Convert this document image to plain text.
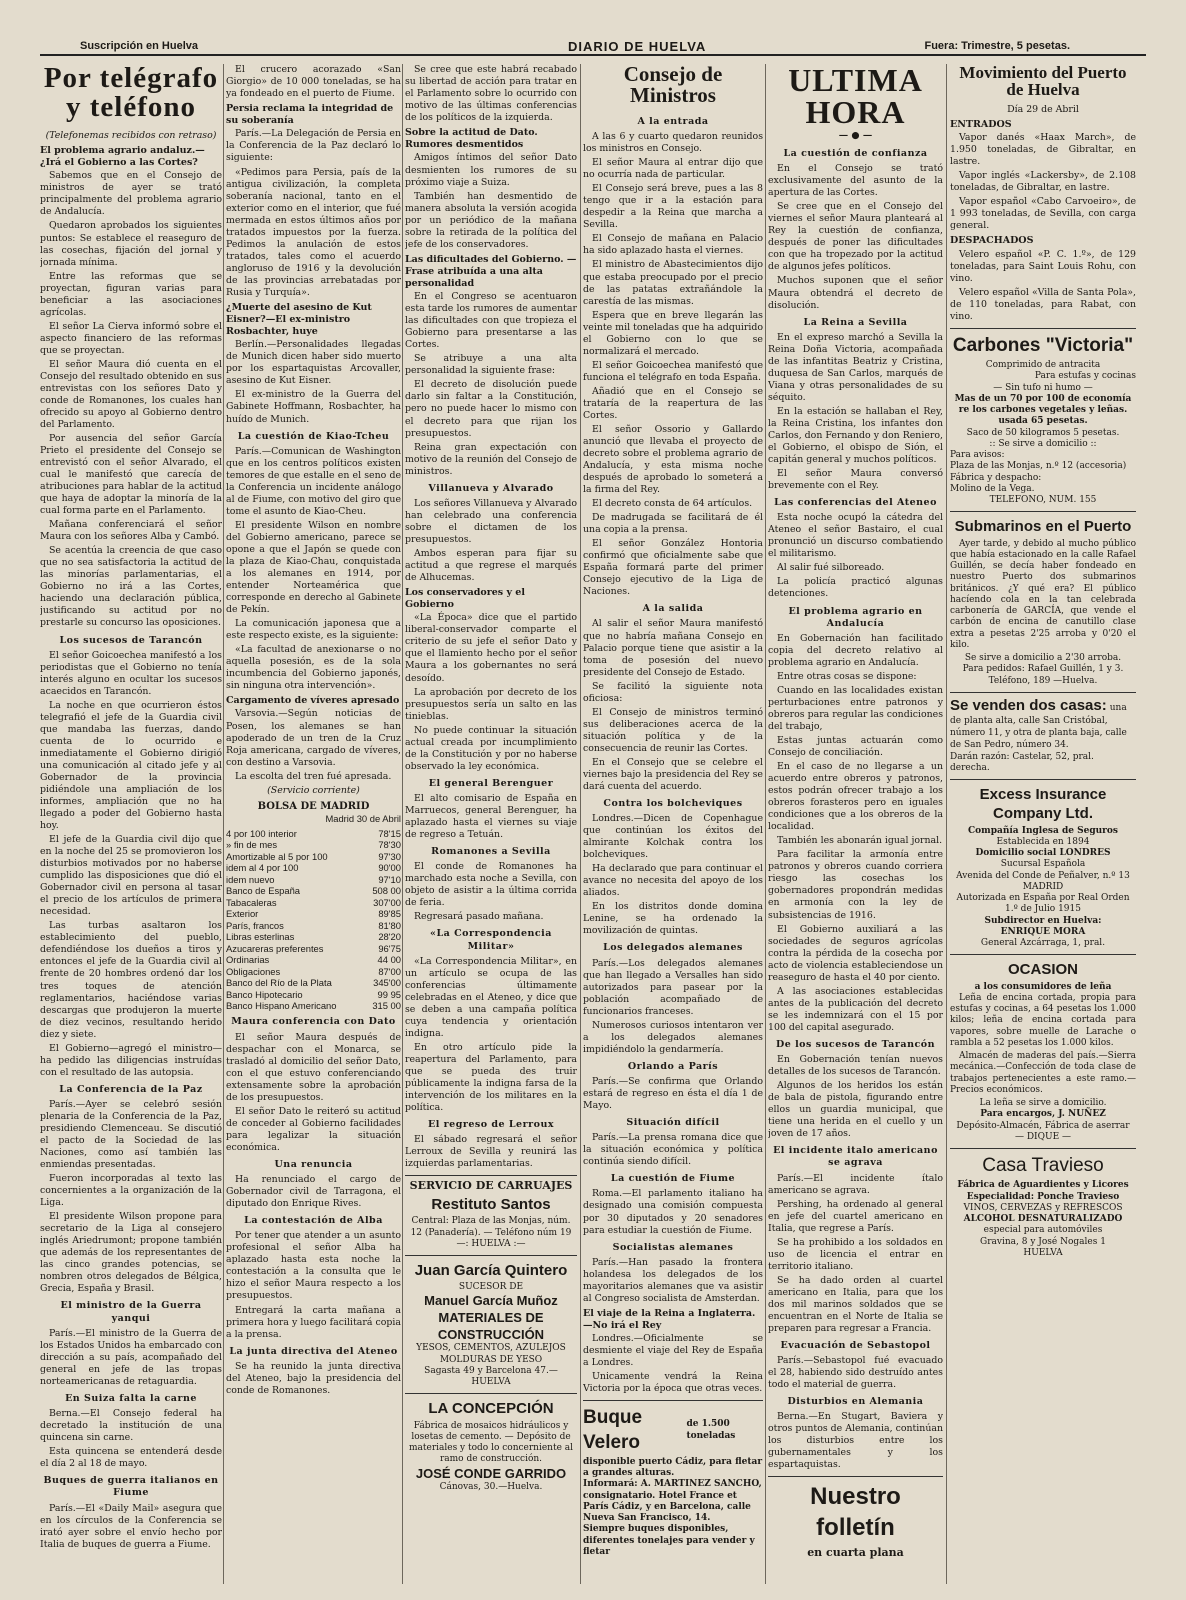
Suscripción en Huelva	DIARIO DE HUELVA	Fuera: Trimestre, 5 pesetas.
Por telégrafo y teléfono

(Telefonemas recibidos con retraso)

El problema agrario andaluz.— ¿Irá el Gobierno a las Cortes?

Sabemos que en el Consejo de ministros de ayer se trató principalmente del problema agrario de Andalucía.

Quedaron aprobados los siguientes puntos: Se establece el reaseguro de las cosechas, fijación del jornal y jornada mínima.

Entre las reformas que se proyectan, figuran varias para beneficiar a las asociaciones agrícolas.

El señor La Cierva informó sobre el aspecto financiero de las reformas que se proyectan.

El señor Maura dió cuenta en el Consejo del resultado obtenido en sus entrevistas con los señores Dato y conde de Romanones, los cuales han ofrecido su apoyo al Gobierno dentro del Parlamento.

Por ausencia del señor García Prieto el presidente del Consejo se entrevistó con el señor Alvarado, el cual le manifestó que carecía de atribuciones para hablar de la actitud que haya de adoptar la minoría de la cual forma parte en el Parlamento.

Mañana conferenciará el señor Maura con los señores Alba y Cambó.

Se acentúa la creencia de que caso que no sea satisfactoria la actitud de las minorías parlamentarias, el Gobierno no irá a las Cortes, haciendo una declaración pública, justificando su actitud por no prestarle su concurso las oposiciones.

Los sucesos de Tarancón

El señor Goicoechea manifestó a los periodistas que el Gobierno no tenía interés alguno en ocultar los sucesos acaecidos en Tarancón.

La noche en que ocurrieron éstos telegrafió el jefe de la Guardia civil que mandaba las fuerzas, dando cuenta de lo ocurrido e inmediatamente el Gobierno dirigió una comunicación al citado jefe y al Gobernador de la provincia pidiéndole una ampliación de los informes, ampliación que no ha llegado a poder del Gobierno hasta hoy.

El jefe de la Guardia civil dijo que en la noche del 25 se promovieron los disturbios motivados por no haberse cumplido las disposiciones que dió el Gobernador civil en persona al tasar el precio de los artículos de primera necesidad.

Las turbas asaltaron los establecimiento del pueblo, defendiéndose los dueños a tiros y entonces el jefe de la Guardia civil al frente de 20 hombres ordenó dar los tres toques de atención reglamentarios, haciéndose varias descargas que produjeron la muerte de diez vecinos, resultando herido diez y siete.

El Gobierno—agregó el ministro—ha pedido las diligencias instruídas con el resultado de las autopsia.

La Conferencia de la Paz

París.—Ayer se celebró sesión plenaria de la Conferencia de la Paz, presidiendo Clemenceau. Se discutió el pacto de la Sociedad de las Naciones, como así también las enmiendas presentadas.

Fueron incorporadas al texto las concernientes a la organización de la Liga.

El presidente Wilson propone para secretario de la Liga al consejero inglés Ariedrumont; propone también que además de los representantes de las cinco grandes potencias, se nombren otros delegados de Bélgica, Grecia, España y Brasil.

El ministro de la Guerra yanqui

París.—El ministro de la Guerra de los Estados Unidos ha embarcado con dirección a su país, acompañado del general en jefe de las tropas norteamericanas de retaguardia.

En Suiza falta la carne

Berna.—El Consejo federal ha decretado la institución de una quincena sin carne.

Esta quincena se entenderá desde el día 2 al 18 de mayo.

Buques de guerra italianos en Fiume

París.—El «Daily Mail» asegura que en los círculos de la Conferencia se irató ayer sobre el envío hecho por Italia de buques de guerra a Fiume.

El crucero acorazado «San Giorgio» de 10 000 toneladas, se ha ya fondeado en el puerto de Fiume.

Persia reclama la integridad de su soberanía

París.—La Delegación de Persia en la Conferencia de la Paz declaró lo siguiente:

«Pedimos para Persia, país de la antigua civilización, la completa soberanía nacional, tanto en el exterior como en el interior, que fué mermada en estos últimos años por tratados impuestos por la fuerza. Pedimos la anulación de estos tratados, tales como el acuerdo angloruso de 1916 y la devolución de las provincias arrebatadas por Rusia y Turquía».

¿Muerte del asesino de Kut Eisner?—El ex-ministro Rosbachter, huye

Berlín.—Personalidades llegadas de Munich dicen haber sido muerto por los espartaquistas Arcovaller, asesino de Kut Eisner.

El ex-ministro de la Guerra del Gabinete Hoffmann, Rosbachter, ha huído de Munich.

La cuestión de Kiao-Tcheu

París.—Comunican de Washington que en los centros políticos existen temores de que estalle en el seno de la Conferencia un incidente análogo al de Fiume, con motivo del giro que tome el asunto de Kiao-Cheu.

El presidente Wilson en nombre del Gobierno americano, parece se opone a que el Japón se quede con la plaza de Kiao-Chau, conquistada a los alemanes en 1914, por entender Norteamérica que corresponde en derecho al Gabinete de Pekín.

La comunicación japonesa que a este respecto existe, es la siguiente:

«La facultad de anexionarse o no aquella posesión, es de la sola incumbencia del Gobierno japonés, sin ninguna otra intervención».

Cargamento de víveres apresado

Varsovia.—Según noticias de Posen, los alemanes se han apoderado de un tren de la Cruz Roja americana, cargado de víveres, con destino a Varsovia.

La escolta del tren fué apresada.

(Servicio corriente)

BOLSA DE MADRID
Madrid 30 de Abril
4 por 100 interior	78'15
» fin de mes	78'30
Amortizable al 5 por 100	97'30
idem al 4 por 100	90'00
idem nuevo	97'10
Banco de España	508 00
Tabacaleras	307'00
Exterior	89'85
París, francos	81'80
Libras esterlinas	28'20
Azucareras preferentes	96'75
Ordinarias	44 00
Obligaciones	87'00
Banco del Río de la Plata	345'00
Banco Hipotecario	99 95
Banco Hispano Americano	315 00
Maura conferencia con Dato

El señor Maura después de despachar con el Monarca, se trasladó al domicilio del señor Dato, con el que estuvo conferenciando extensamente sobre la aprobación de los presupuestos.

El señor Dato le reiteró su actitud de conceder al Gobierno facilidades para legalizar la situación económica.

Una renuncia

Ha renunciado el cargo de Gobernador civil de Tarragona, el diputado don Enrique Rives.

La contestación de Alba

Por tener que atender a un asunto profesional el señor Alba ha aplazado hasta esta noche la contestación a la consulta que le hizo el señor Maura respecto a los presupuestos.

Entregará la carta mañana a primera hora y luego facilitará copia a la prensa.

La junta directiva del Ateneo

Se ha reunido la junta directiva del Ateneo, bajo la presidencia del conde de Romanones.

Se cree que este habrá recabado su libertad de acción para tratar en el Parlamento sobre lo ocurrido con motivo de las últimas conferencias de los políticos de la izquierda.

Sobre la actitud de Dato. Rumores desmentidos

Amigos íntimos del señor Dato desmienten los rumores de su próximo viaje a Suiza.

También han desmentido de manera absoluta la versión acogida por un periódico de la mañana sobre la retirada de la política del jefe de los conservadores.

Las dificultades del Gobierno. —Frase atribuída a una alta personalidad

En el Congreso se acentuaron esta tarde los rumores de aumentar las dificultades con que tropieza el Gobierno para presentarse a las Cortes.

Se atribuye a una alta personalidad la siguiente frase:

El decreto de disolución puede darlo sin faltar a la Constitución, pero no puede hacer lo mismo con el decreto para que rijan los presupuestos.

Reina gran expectación con motivo de la reunión del Consejo de ministros.

Villanueva y Alvarado

Los señores Villanueva y Alvarado han celebrado una conferencia sobre el dictamen de los presupuestos.

Ambos esperan para fijar su actitud a que regrese el marqués de Alhucemas.

Los conservadores y el Gobierno

«La Época» dice que el partido liberal-conservador comparte el criterio de su jefe el señor Dato y que el llamiento hecho por el señor Maura a los gobernantes no será desoído.

La aprobación por decreto de los presupuestos sería un salto en las tinieblas.

No puede continuar la situación actual creada por incumplimiento de la Constitución y por no haberse observado la ley económica.

El general Berenguer

El alto comisario de España en Marruecos, general Berenguer, ha aplazado hasta el viernes su viaje de regreso a Tetuán.

Romanones a Sevilla

El conde de Romanones ha marchado esta noche a Sevilla, con objeto de asistir a la última corrida de feria.

Regresará pasado mañana.

«La Correspondencia Militar»

«La Correspondencia Militar», en un artículo se ocupa de las conferencias últimamente celebradas en el Ateneo, y dice que se deben a una campaña política cuya tendencia y orientación indigna.

En otro artículo pide la reapertura del Parlamento, para que se pueda des truir públicamente la indigna farsa de la intervención de los militares en la política.

El regreso de Lerroux

El sábado regresará el señor Lerroux de Sevilla y reunirá las izquierdas parlamentarias.

SERVICIO DE CARRUAJES
Restituto Santos
Central: Plaza de las Monjas, núm. 12 (Panadería). — Teléfono núm 19
—: HUELVA :—
Juan García Quintero
SUCESOR DE
Manuel García Muñoz
MATERIALES DE CONSTRUCCIÓN
YESOS, CEMENTOS, AZULEJOS
MOLDURAS DE YESO
Sagasta 49 y Barcelona 47.—HUELVA
LA CONCEPCIÓN
Fábrica de mosaicos hidráulicos y losetas de cemento. — Depósito de materiales y todo lo concerniente al ramo de construcción.
JOSÉ CONDE GARRIDO
Cánovas, 30.—Huelva.
Consejo de Ministros
A la entrada

A las 6 y cuarto quedaron reunidos los ministros en Consejo.

El señor Maura al entrar dijo que no ocurría nada de particular.

El Consejo será breve, pues a las 8 tengo que ir a la estación para despedir a la Reina que marcha a Sevilla.

El Consejo de mañana en Palacio ha sido aplazado hasta el viernes.

El ministro de Abastecimientos dijo que estaba preocupado por el precio de las patatas extrañándole la carestía de las mismas.

Espera que en breve llegarán las veinte mil toneladas que ha adquirido el Gobierno con lo que se normalizará el mercado.

El señor Goicoechea manifestó que funciona el telégrafo en toda España.

Añadió que en el Consejo se trataría de la reapertura de las Cortes.

El señor Ossorio y Gallardo anunció que llevaba el proyecto de decreto sobre el problema agrario de Andalucía, y esta misma noche después de aprobado lo someterá a la firma del Rey.

El decreto consta de 64 artículos.

De madrugada se facilitará de él una copia a la prensa.

El señor González Hontoria confirmó que oficialmente sabe que España formará parte del primer Consejo ejecutivo de la Liga de Naciones.

A la salida

Al salir el señor Maura manifestó que no habría mañana Consejo en Palacio porque tiene que asistir a la toma de posesión del nuevo presidente del Consejo de Estado.

Se facilitó la siguiente nota oficiosa:

El Consejo de ministros terminó sus deliberaciones acerca de la situación política y de la consecuencia de reunir las Cortes.

En el Consejo que se celebre el viernes bajo la presidencia del Rey se dará cuenta del acuerdo.

Contra los bolcheviques

Londres.—Dicen de Copenhague que continúan los éxitos del almirante Kolchak contra los bolcheviques.

Ha declarado que para continuar el avance no necesita del apoyo de los aliados.

En los distritos donde domina Lenine, se ha ordenado la movilización de quintas.

Los delegados alemanes

París.—Los delegados alemanes que han llegado a Versalles han sido autorizados para pasear por la población acompañado de funcionarios franceses.

Numerosos curiosos intentaron ver a los delegados alemanes impidiéndolo la gendarmería.

Orlando a París

París.—Se confirma que Orlando estará de regreso en ésta el día 1 de Mayo.

Situación difícil

París.—La prensa romana dice que la situación económica y política continúa siendo difícil.

La cuestión de Fiume

Roma.—El parlamento italiano ha designado una comisión compuesta por 30 diputados y 20 senadores para estudiar la cuestión de Fiume.

Socialistas alemanes

París.—Han pasado la frontera holandesa los delegados de los mayoritarios alemanes que va asistir al Congreso socialista de Amsterdan.

El viaje de la Reina a Inglaterra.—No irá el Rey

Londres.—Oficialmente se desmiente el viaje del Rey de España a Londres.

Unicamente vendrá la Reina Victoria por la época que otras veces.

Buque Velero
de 1.500 toneladas
disponible puerto Cádiz, para fletar a grandes alturas.
Informará: A. MARTINEZ SANCHO, consignatario. Hotel France et París Cádiz, y en Barcelona, calle Nueva San Francisco, 14.
Siempre buques disponibles, diferentes tonelajes para vender y fletar
ULTIMA HORA
— ● —
La cuestión de confianza

En el Consejo se trató exclusivamente del asunto de la apertura de las Cortes.

Se cree que en el Consejo del viernes el señor Maura planteará al Rey la cuestión de confianza, después de poner las dificultades con que ha tropezado por la actitud de algunos jefes políticos.

Muchos suponen que el señor Maura obtendrá el decreto de disolución.

La Reina a Sevilla

En el expreso marchó a Sevilla la Reina Doña Victoria, acompañada de las infantitas Beatriz y Cristina, duquesa de San Carlos, marqués de Viana y otras personalidades de su séquito.

En la estación se hallaban el Rey, la Reina Cristina, los infantes don Carlos, don Fernando y don Reniero, el Gobierno, el obispo de Sión, el capitán general y muchos políticos.

El señor Maura conversó brevemente con el Rey.

Las conferencias del Ateneo

Esta noche ocupó la cátedra del Ateneo el señor Bastairo, el cual pronunció un discurso combatiendo el militarismo.

Al salir fué silboreado.

La policía practicó algunas detenciones.

El problema agrario en Andalucía

En Gobernación han facilitado copia del decreto relativo al problema agrario en Andalucía.

Entre otras cosas se dispone:

Cuando en las localidades existan perturbaciones entre patronos y obreros para regular las condiciones del trabajo,

Estas juntas actuarán como Consejo de conciliación.

En el caso de no llegarse a un acuerdo entre obreros y patronos, estos podrán ofrecer trabajo a los obreros forasteros pero en iguales condiciones que a los obreros de la localidad.

También les abonarán igual jornal.

Para facilitar la armonía entre patronos y obreros cuando corriera riesgo las cosechas los gobernadores propondrán medidas en armonía con la ley de subsistencias de 1916.

El Gobierno auxiliará a las sociedades de seguros agrícolas contra la pérdida de la cosecha por acto de violencia estableciendose un reaseguro de hasta el 40 por ciento.

A las asociaciones establecidas antes de la publicación del decreto se les indemnizará con el 15 por 100 del capital asegurado.

De los sucesos de Tarancón

En Gobernación tenían nuevos detalles de los sucesos de Tarancón.

Algunos de los heridos los están de bala de pistola, figurando entre ellos un guardia municipal, que tiene una herida en el cuello y un joven de 17 años.

El incidente italo americano se agrava

París.—El incidente ítalo americano se agrava.

Pershing, ha ordenado al general en jefe del cuartel americano en Italia, que regrese a París.

Se ha prohibido a los soldados en uso de licencia el entrar en territorio italiano.

Se ha dado orden al cuartel americano en Italia, para que los dos mil marinos soldados que se encuentran en el Norte de Italia se preparen para regresar a Francia.

Evacuación de Sebastopol

París.—Sebastopol fué evacuado el 28, habiendo sido destruído antes todo el material de guerra.

Disturbios en Alemania

Berna.—En Stugart, Baviera y otros puntos de Alemania, continúan los disturbios entre los gubernamentales y los espartaquistas.

Nuestro folletín
en cuarta plana
Movimiento del Puerto de Huelva

Día 29 de Abril

ENTRADOS

Vapor danés «Haax March», de 1.950 toneladas, de Gibraltar, en lastre.

Vapor inglés «Lackersby», de 2.108 toneladas, de Gibraltar, en lastre.

Vapor español «Cabo Carvoeiro», de 1 993 toneladas, de Sevilla, con carga general.

DESPACHADOS

Velero español «P. C. 1.º», de 129 toneladas, para Saint Louis Rohu, con vino.

Velero español «Villa de Santa Pola», de 110 toneladas, para Rabat, con vino.

Carbones "Victoria"
Comprimido de antracita
Para estufas y cocinas
— Sin tufo ni humo —
Mas de un 70 por 100 de economía re los carbones vegetales y leñas. usada 65 pesetas.
Saco de 50 kilogramos 5 pesetas.
:: Se sirve a domicilio ::
Para avisos:
Plaza de las Monjas, n.º 12 (accesoria)
Fábrica y despacho:
Molino de la Vega.
TELEFONO, NUM. 155
Submarinos en el Puerto

Ayer tarde, y debido al mucho público que había estacionado en la calle Rafael Guillén, se decía haber fondeado en nuestro Puerto dos submarinos británicos. ¿Y qué era? El público hacíendo cola en la tan celebrada carbonería de GARCÍA, que vende el carbón de encina de canutillo clase extra a pesetas 2'25 arroba y 0'20 el kilo.

Se sirve a domicilio a 2'30 arroba.
Para pedidos: Rafael Guillén, 1 y 3. Teléfono, 189 —Huelva.
Se venden dos casas: una de planta alta, calle San Cristóbal, número 11, y otra de planta baja, calle de San Pedro, número 34.
Darán razón: Castelar, 52, pral. derecha.
Excess Insurance Company Ltd.
Compañía Inglesa de Seguros
Establecida en 1894
Domicilio social LONDRES
Sucursal Española
Avenida del Conde de Peñalver, n.º 13
MADRID
Autorizada en España por Real Orden 1.º de Julio 1915
Subdirector en Huelva:
ENRIQUE MORA
General Azcárraga, 1, pral.
OCASION
a los consumidores de leña

Leña de encina cortada, propia para estufas y cocinas, a 64 pesetas los 1.000 kilos; leña de encina cortada para vapores, sobre muelle de Larache o rambla a 52 pesetas los 1.000 kilos.

Almacén de maderas del país.—Sierra mecánica.—Confección de toda clase de trabajos pertenecientes a este ramo.—Precios económicos.

La leña se sirve a domicilio.
Para encargos, J. NUÑEZ
Depósito-Almacén, Fábrica de aserrar
— DIQUE —
Casa Travieso
Fábrica de Aguardientes y Licores
Especialidad: Ponche Travieso
VINOS, CERVEZAS y REFRESCOS
ALCOHOL DESNATURALIZADO
especial para automóviles
Gravina, 8 y José Nogales 1
HUELVA
